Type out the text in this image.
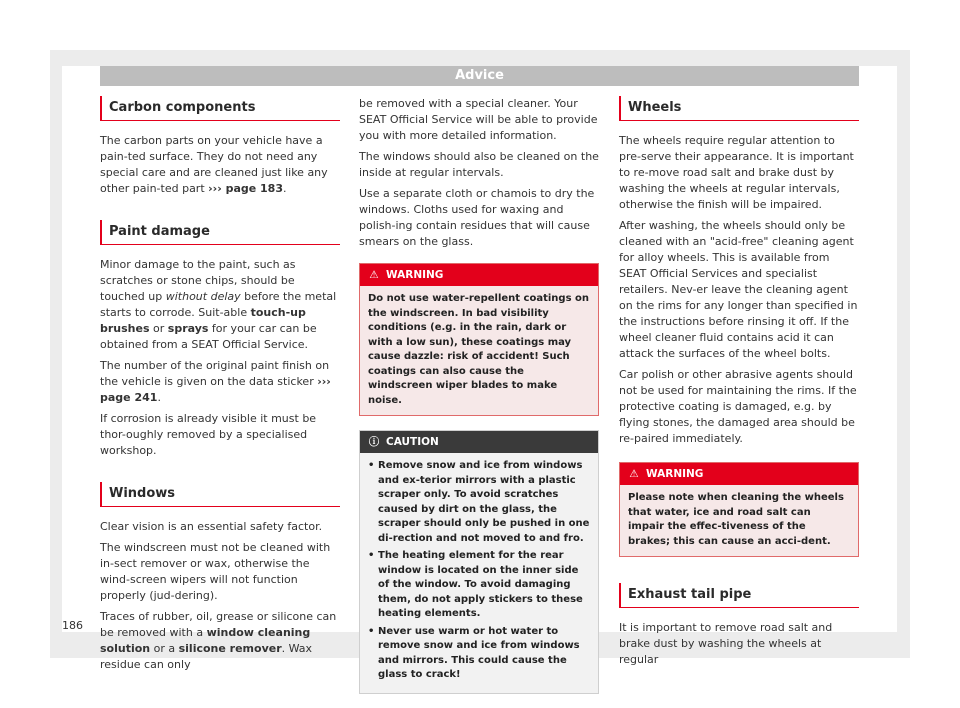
Advice
Carbon components

The carbon parts on your vehicle have a pain-ted surface. They do not need any special care and are cleaned just like any other pain-ted part ››› page 183.

Paint damage

Minor damage to the paint, such as scratches or stone chips, should be touched up without delay before the metal starts to corrode. Suit-able touch-up brushes or sprays for your car can be obtained from a SEAT Official Service.

The number of the original paint finish on the vehicle is given on the data sticker ››› page 241.

If corrosion is already visible it must be thor-oughly removed by a specialised workshop.

Windows

Clear vision is an essential safety factor.

The windscreen must not be cleaned with in-sect remover or wax, otherwise the wind-screen wipers will not function properly (jud-dering).

Traces of rubber, oil, grease or silicone can be removed with a window cleaning solution or a silicone remover. Wax residue can only

be removed with a special cleaner. Your SEAT Official Service will be able to provide you with more detailed information.

The windows should also be cleaned on the inside at regular intervals.

Use a separate cloth or chamois to dry the windows. Cloths used for waxing and polish-ing contain residues that will cause smears on the glass.

⚠ WARNING
Do not use water-repellent coatings on the windscreen. In bad visibility conditions (e.g. in the rain, dark or with a low sun), these coatings may cause dazzle: risk of accident! Such coatings can also cause the windscreen wiper blades to make noise.
ⓘ CAUTION
• Remove snow and ice from windows and ex-terior mirrors with a plastic scraper only. To avoid scratches caused by dirt on the glass, the scraper should only be pushed in one di-rection and not moved to and fro.
• The heating element for the rear window is located on the inner side of the window. To avoid damaging them, do not apply stickers to these heating elements.
• Never use warm or hot water to remove snow and ice from windows and mirrors. This could cause the glass to crack!
Wheels

The wheels require regular attention to pre-serve their appearance. It is important to re-move road salt and brake dust by washing the wheels at regular intervals, otherwise the finish will be impaired.

After washing, the wheels should only be cleaned with an "acid-free" cleaning agent for alloy wheels. This is available from SEAT Official Services and specialist retailers. Nev-er leave the cleaning agent on the rims for any longer than specified in the instructions before rinsing it off. If the wheel cleaner fluid contains acid it can attack the surfaces of the wheel bolts.

Car polish or other abrasive agents should not be used for maintaining the rims. If the protective coating is damaged, e.g. by flying stones, the damaged area should be re-paired immediately.

⚠ WARNING
Please note when cleaning the wheels that water, ice and road salt can impair the effec-tiveness of the brakes; this can cause an acci-dent.
Exhaust tail pipe

It is important to remove road salt and brake dust by washing the wheels at regular

186
